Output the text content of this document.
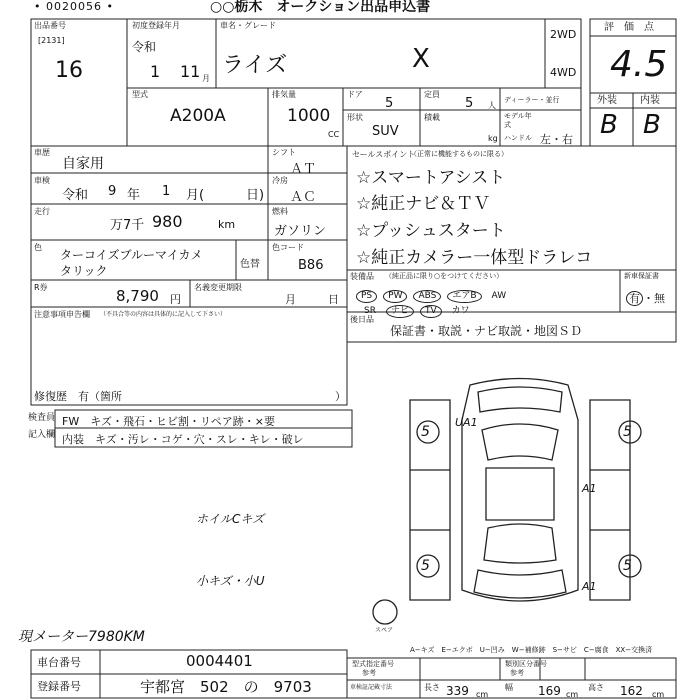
• 0020056 •	○○栃木　オークション出品申込書
出品番号
[2131]
16
初度登録年月
令和
1 11 月
車名・グレード
ライズ	X
2WD
4WD
評　価　点
4.5
外装 内装
B B
型式
A200A
排気量
1000
CC
ドア
5
定員
5 人
形状
SUV
積載
kg
ディーラー・並行
モデル年式
ハンドル 左・右
車歴
自家用
シフト
ＡＴ
車検
令和 9 年 1 月(	日)
冷房
ＡＣ
走行
万7千 980	km
燃料
ガソリン
色
ターコイズブルーマイカメ
タリック	色替
色コード
B86
R券	8,790 円
名義変更期限
月	日
注意事項申告欄 （不具合等の内容は具体的に記入して下さい）
修復歴　有（箇所	）
セールスポイント
（正常に機能するものに限る）
☆スマートアシスト
☆純正ナビ＆ＴＶ
☆プッシュスタート
☆純正カメラー一体型ドラレコ
装備品 （純正品に限り○をつけてください）
PS PW ABS エアB AW
SR ナビ TV カワ
新車保証書
有 ・無
後日品
保証書・取説・ナビ取説・地図ＳＤ
検査員
記入欄
FW　キズ・飛石・ヒビ割・リペア跡・×要
内装　キズ・汚レ・コゲ・穴・スレ・キレ・破レ
ホイルCキズ
小キズ・小U
現メーター7980KM
5	5
5	5
UA1
A1
A1
スペア
A−キズ　E−エクボ　U−凹み　W−補修跡　S−サビ　C−腐食　XX−交換済
車台番号	0004401
登録番号	宇都宮　502　の　9703
型式指定番号
参考
類別区分番号
参考
車検証記載寸法	長さ 339 cm
幅 169 cm
高さ 162 cm
